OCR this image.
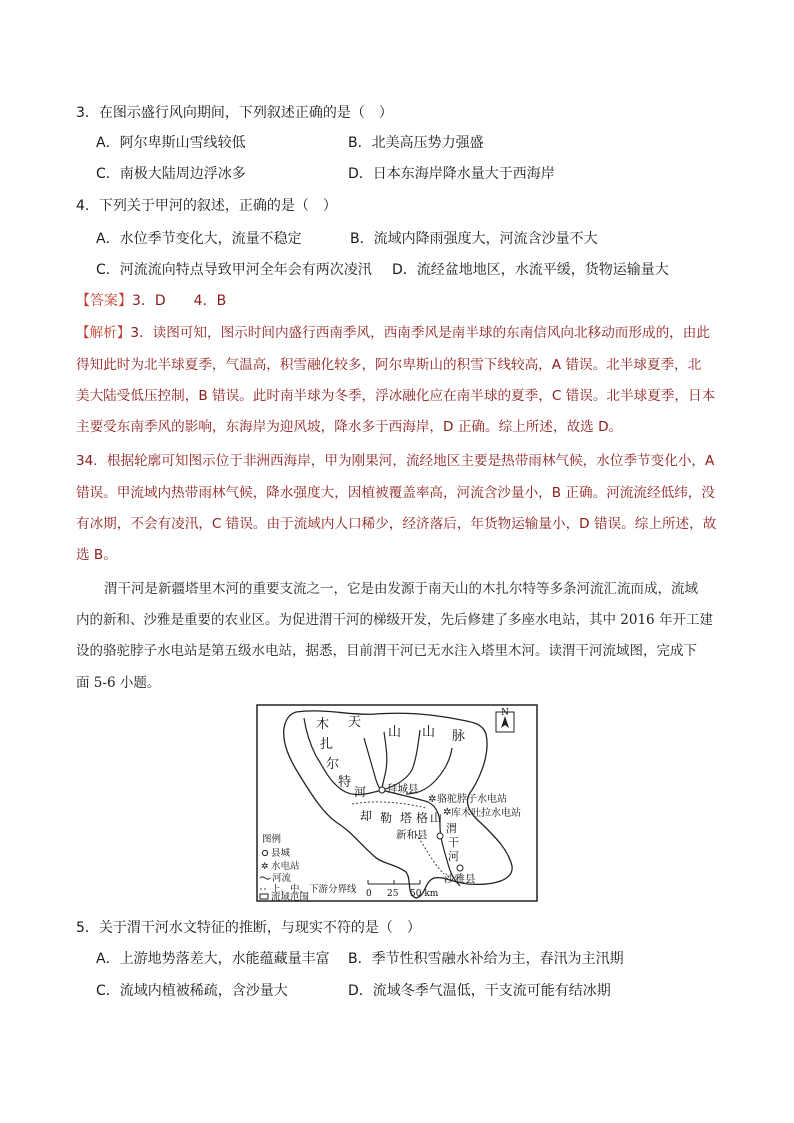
3．在图示盛行风向期间，下列叙述正确的是（　）
A．阿尔卑斯山雪线较低	B．北美高压势力强盛
C．南极大陆周边浮冰多	D．日本东海岸降水量大于西海岸
4．下列关于甲河的叙述，正确的是（　）
A．水位季节变化大，流量不稳定	B．流域内降雨强度大，河流含沙量不大
C．河流流向特点导致甲河全年会有两次凌汛 D．流经盆地地区，水流平缓，货物运输量大
【答案】3．D　　4．B
【解析】3．读图可知，图示时间内盛行西南季风，西南季风是南半球的东南信风向北移动而形成的，由此
得知此时为北半球夏季，气温高，积雪融化较多，阿尔卑斯山的积雪下线较高，A 错误。北半球夏季，北
美大陆受低压控制，B 错误。此时南半球为冬季，浮冰融化应在南半球的夏季，C 错误。北半球夏季，日本
主要受东南季风的影响，东海岸为迎风坡，降水多于西海岸，D 正确。综上所述，故选 D。
34．根据轮廓可知图示位于非洲西海岸，甲为刚果河，流经地区主要是热带雨林气候，水位季节变化小，A
错误。甲流域内热带雨林气候，降水强度大，因植被覆盖率高，河流含沙量小，B 正确。河流流经低纬，没
有冰期，不会有凌汛，C 错误。由于流域内人口稀少，经济落后，年货物运输量小，D 错误。综上所述，故
选 B。
渭干河是新疆塔里木河的重要支流之一，它是由发源于南天山的木扎尔特等多条河流汇流而成，流域
内的新和、沙雅是重要的农业区。为促进渭干河的梯级开发，先后修建了多座水电站，其中 2016 年开工建
设的骆驼脖子水电站是第五级水电站，据悉，目前渭干河已无水注入塔里木河。读渭干河流域图，完成下
面 5-6 小题。
N
天
山 山 脉
木
扎
尔
特
河 拜城县
✲ 骆驼脖子水电站
✲ 库木吐拉水电站
却 勒 塔 格 山
新和县 渭
干
河
沙雅县
图例
县城
✲ 水电站
河流
上、中、下游分界线
流域范围	0 25 50 km
5．关于渭干河水文特征的推断，与现实不符的是（　）
A．上游地势落差大，水能蕴藏量丰富 B．季节性积雪融水补给为主，春汛为主汛期
C．流域内植被稀疏，含沙量大	D．流域冬季气温低，干支流可能有结冰期
